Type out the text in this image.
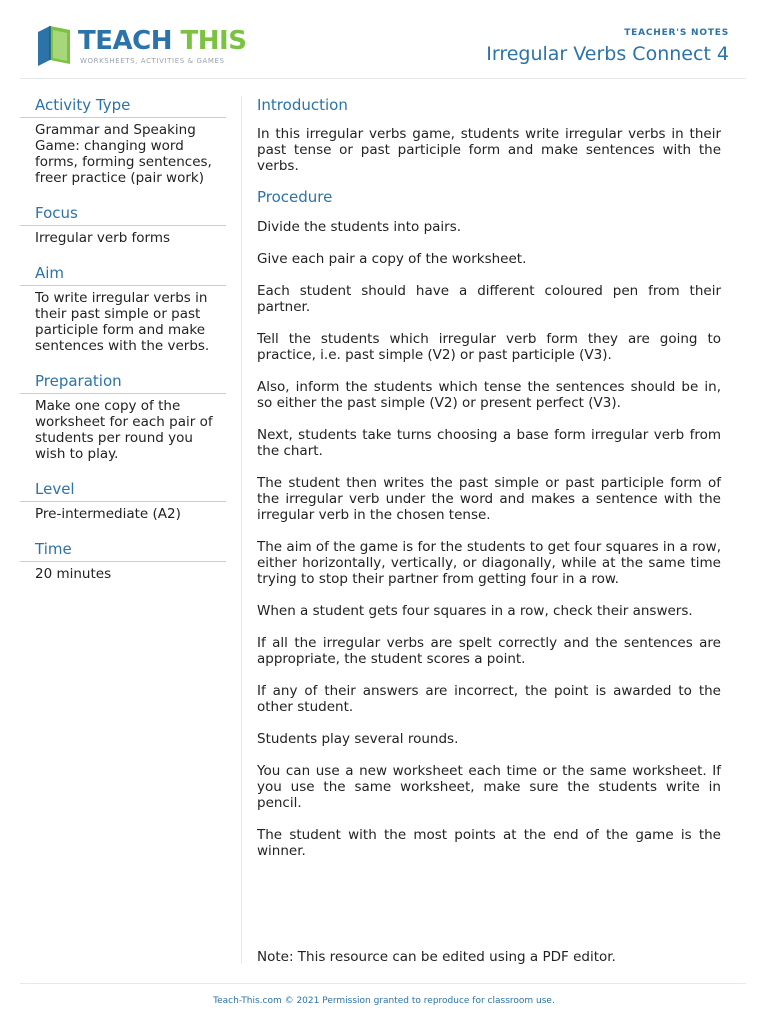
TEACH THIS
WORKSHEETS, ACTIVITIES & GAMES
TEACHER'S NOTES
Irregular Verbs Connect 4
Activity Type
Grammar and Speaking Game: changing word forms, forming sentences, freer practice (pair work)
Focus
Irregular verb forms
Aim
To write irregular verbs in their past simple or past participle form and make sentences with the verbs.
Preparation
Make one copy of the worksheet for each pair of students per round you wish to play.
Level
Pre-intermediate (A2)
Time
20 minutes
Introduction
In this irregular verbs game, students write irregular verbs in their past tense or past participle form and make sentences with the verbs.
Procedure
Divide the students into pairs.
Give each pair a copy of the worksheet.
Each student should have a different coloured pen from their partner.
Tell the students which irregular verb form they are going to practice, i.e. past simple (V2) or past participle (V3).
Also, inform the students which tense the sentences should be in, so either the past simple (V2) or present perfect (V3).
Next, students take turns choosing a base form irregular verb from the chart.
The student then writes the past simple or past participle form of the irregular verb under the word and makes a sentence with the irregular verb in the chosen tense.
The aim of the game is for the students to get four squares in a row, either horizontally, vertically, or diagonally, while at the same time trying to stop their partner from getting four in a row.
When a student gets four squares in a row, check their answers.
If all the irregular verbs are spelt correctly and the sentences are appropriate, the student scores a point.
If any of their answers are incorrect, the point is awarded to the other student.
Students play several rounds.
You can use a new worksheet each time or the same worksheet. If you use the same worksheet, make sure the students write in pencil.
The student with the most points at the end of the game is the winner.
Note: This resource can be edited using a PDF editor.
Teach-This.com © 2021 Permission granted to reproduce for classroom use.
